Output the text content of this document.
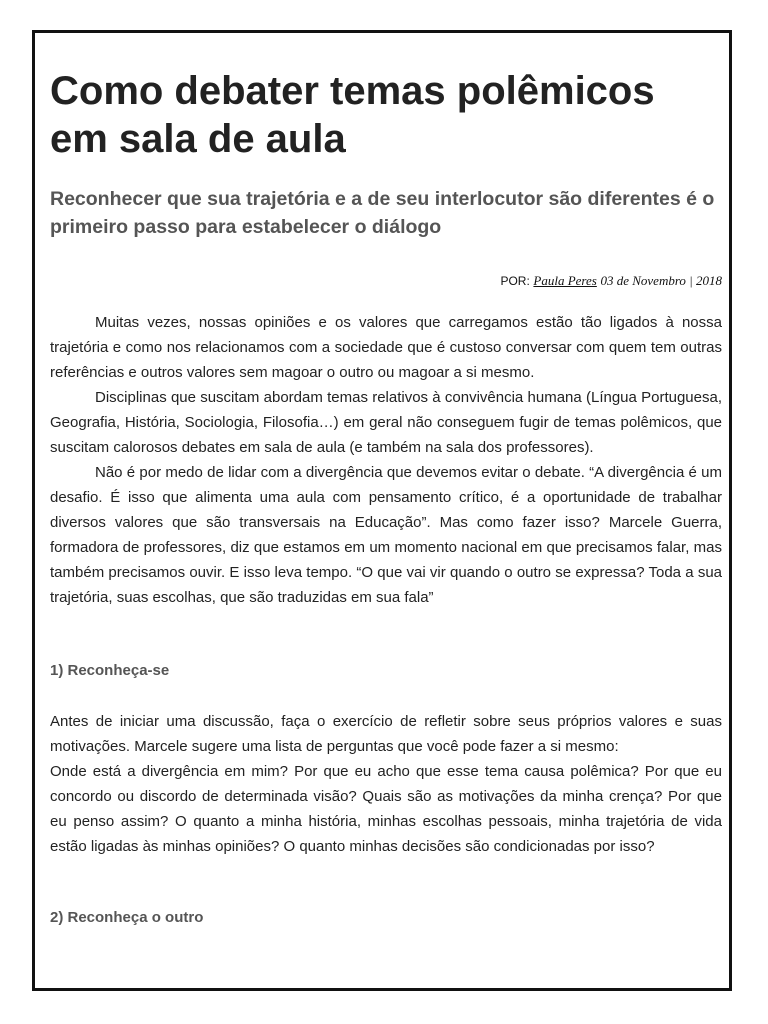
Como debater temas polêmicos em sala de aula
Reconhecer que sua trajetória e a de seu interlocutor são diferentes é o primeiro passo para estabelecer o diálogo
POR: Paula Peres 03 de Novembro | 2018

Muitas vezes, nossas opiniões e os valores que carregamos estão tão ligados à nossa trajetória e como nos relacionamos com a sociedade que é custoso conversar com quem tem outras referências e outros valores sem magoar o outro ou magoar a si mesmo.

Disciplinas que suscitam abordam temas relativos à convivência humana (Língua Portuguesa, Geografia, História, Sociologia, Filosofia…) em geral não conseguem fugir de temas polêmicos, que suscitam calorosos debates em sala de aula (e também na sala dos professores).

Não é por medo de lidar com a divergência que devemos evitar o debate. “A divergência é um desafio. É isso que alimenta uma aula com pensamento crítico, é a oportunidade de trabalhar diversos valores que são transversais na Educação”. Mas como fazer isso? Marcele Guerra, formadora de professores, diz que estamos em um momento nacional em que precisamos falar, mas também precisamos ouvir. E isso leva tempo. “O que vai vir quando o outro se expressa? Toda a sua trajetória, suas escolhas, que são traduzidas em sua fala”

1) Reconheça-se

Antes de iniciar uma discussão, faça o exercício de refletir sobre seus próprios valores e suas motivações. Marcele sugere uma lista de perguntas que você pode fazer a si mesmo:

Onde está a divergência em mim? Por que eu acho que esse tema causa polêmica? Por que eu concordo ou discordo de determinada visão? Quais são as motivações da minha crença? Por que eu penso assim? O quanto a minha história, minhas escolhas pessoais, minha trajetória de vida estão ligadas às minhas opiniões? O quanto minhas decisões são condicionadas por isso?

2) Reconheça o outro
